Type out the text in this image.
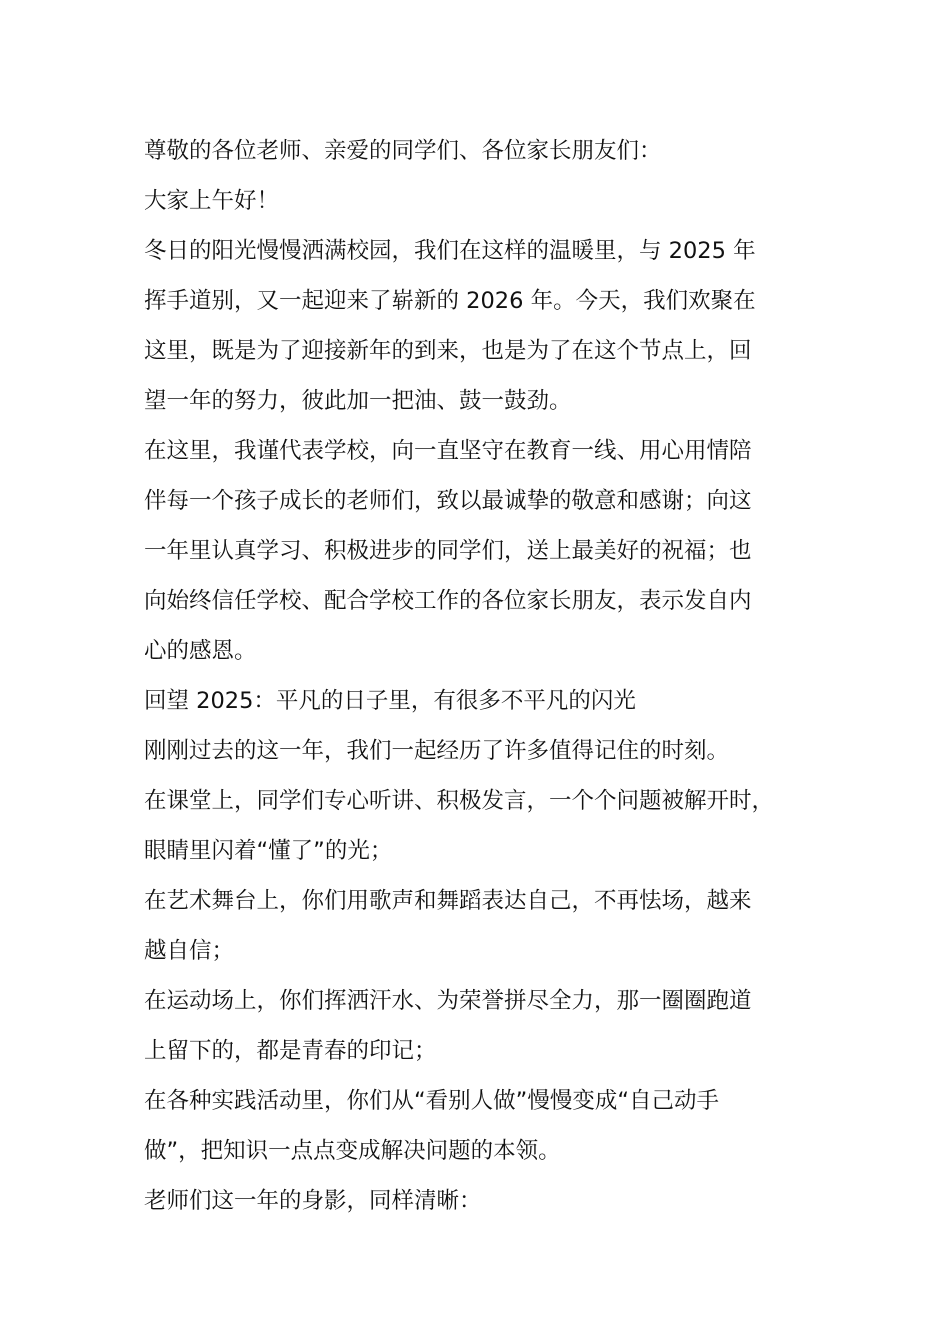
尊敬的各位老师、亲爱的同学们、各位家长朋友们：
大家上午好！
冬日的阳光慢慢洒满校园，我们在这样的温暖里，与 2025 年
挥手道别，又一起迎来了崭新的 2026 年。今天，我们欢聚在
这里，既是为了迎接新年的到来，也是为了在这个节点上，回
望一年的努力，彼此加一把油、鼓一鼓劲。
在这里，我谨代表学校，向一直坚守在教育一线、用心用情陪
伴每一个孩子成长的老师们，致以最诚挚的敬意和感谢；向这
一年里认真学习、积极进步的同学们，送上最美好的祝福；也
向始终信任学校、配合学校工作的各位家长朋友，表示发自内
心的感恩。
回望 2025：平凡的日子里，有很多不平凡的闪光
刚刚过去的这一年，我们一起经历了许多值得记住的时刻。
在课堂上，同学们专心听讲、积极发言，一个个问题被解开时，
眼睛里闪着“懂了”的光；
在艺术舞台上，你们用歌声和舞蹈表达自己，不再怯场，越来
越自信；
在运动场上，你们挥洒汗水、为荣誉拼尽全力，那一圈圈跑道
上留下的，都是青春的印记；
在各种实践活动里，你们从“看别人做”慢慢变成“自己动手
做”，把知识一点点变成解决问题的本领。
老师们这一年的身影，同样清晰：
